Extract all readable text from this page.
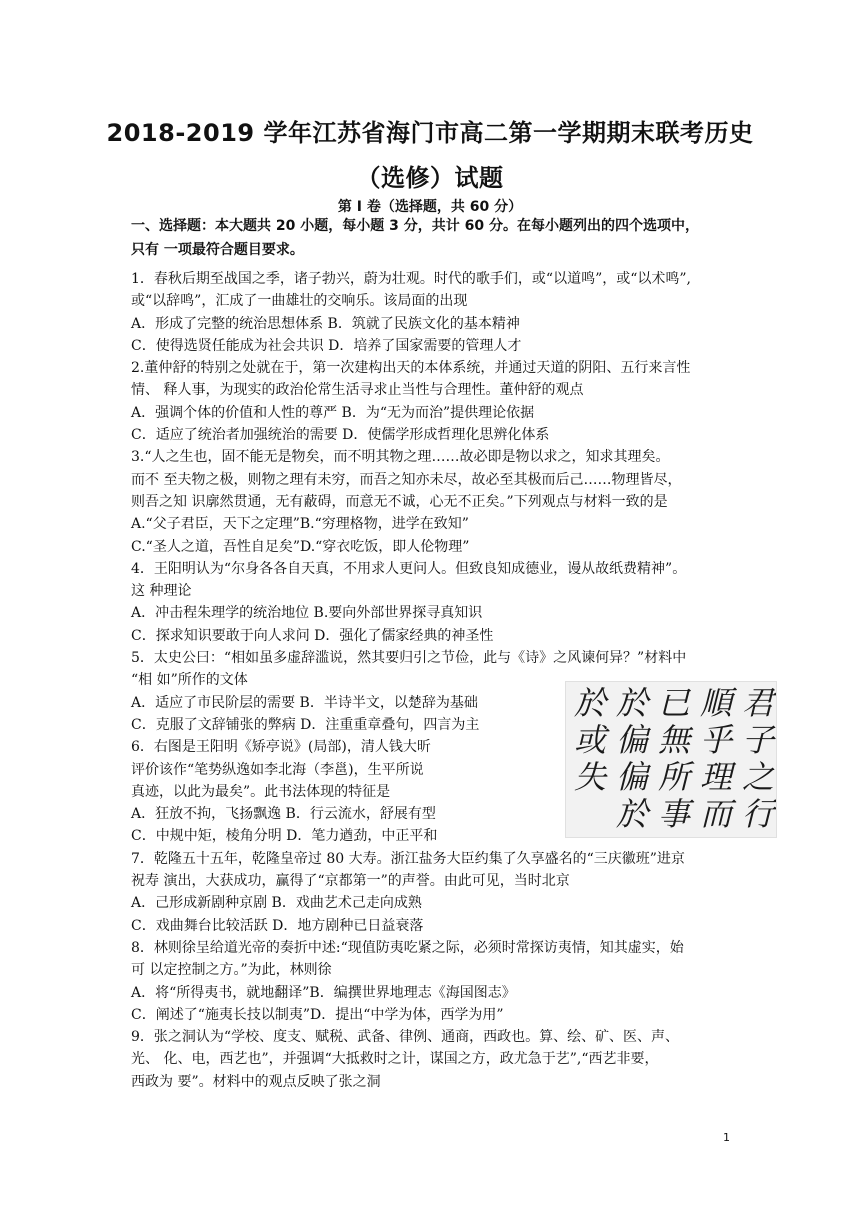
2018-2019 学年江苏省海门市高二第一学期期末联考历史
（选修）试题
第 I 卷（选择题，共 60 分）
一、选择题：本大题共 20 小题，每小题 3 分，共计 60 分。在每小题列出的四个选项中，
只有 一项最符合题目要求。
1．春秋后期至战国之季，诸子勃兴，蔚为壮观。时代的歌手们，或“以道鸣”，或“以术鸣”,
或“以辞鸣”，汇成了一曲雄壮的交响乐。该局面的出现
A．形成了完整的统治思想体系 B．筑就了民族文化的基本精神
C．使得选贤任能成为社会共识 D．培养了国家需要的管理人才
2.董仲舒的特别之处就在于，第一次建构出天的本体系统，并通过天道的阴阳、五行来言性
情、 释人事，为现实的政治伦常生活寻求止当性与合理性。董仲舒的观点
A．强调个体的价值和人性的尊严 B．为“无为而治”提供理论依据
C．适应了统治者加强统治的需要 D．使儒学形成哲理化思辨化体系
3.“人之生也，固不能无是物矣，而不明其物之理……故必即是物以求之，知求其理矣。
而不 至夫物之极，则物之理有未穷，而吾之知亦未尽，故必至其极而后己……物理皆尽，
则吾之知 识廓然贯通，无有蔽碍，而意无不诚，心无不正矣。”下列观点与材料一致的是
A.“父子君臣，天下之定理”B.“穷理格物，进学在致知”
C.“圣人之道，吾性自足矣”D.“穿衣吃饭，即人伦物理”
4．王阳明认为“尔身各各自天真，不用求人更问人。但致良知成德业，谩从故纸费精神”。
这 种理论
A．冲击程朱理学的统治地位 B.要向外部世界探寻真知识
C．探求知识要敢于向人求问 D．强化了儒家经典的神圣性
5．太史公曰：“相如虽多虚辞滥说，然其要归引之节俭，此与《诗》之风谏何异？”材料中
“相 如”所作的文体
A．适应了市民阶层的需要 B．半诗半文，以楚辞为基础
C．克服了文辞铺张的弊病 D．注重重章叠句，四言为主
6．右图是王阳明《矫亭说》(局部)，清人钱大昕
评价该作“笔势纵逸如李北海（李邕)，生平所说
真迹，以此为最矣”。此书法体现的特征是
A．狂放不拘，飞扬飘逸 B．行云流水，舒展有型
C．中规中矩，棱角分明 D．笔力遒劲，中正平和
7．乾隆五十五年，乾隆皇帝过 80 大寿。浙江盐务大臣约集了久享盛名的“三庆徽班”进京
祝寿 演出，大获成功，赢得了“京都第一”的声誉。由此可见，当时北京
A．己形成新剧种京剧 B．戏曲艺术己走向成熟
C．戏曲舞台比较活跃 D．地方剧种已日益衰落
8．林则徐呈给道光帝的奏折中述:“现值防夷吃紧之际，必须时常探访夷情，知其虚实，始
可 以定控制之方。”为此，林则徐
A．将“所得夷书，就地翻译”B．编撰世界地理志《海国图志》
C．阐述了“施夷长技以制夷”D．提出“中学为体，西学为用”
9．张之洞认为“学校、度支、赋税、武备、律例、通商，西政也。算、绘、矿、医、声、
光、 化、电，西艺也”，并强调“大抵救时之计，谋国之方，政尤急于艺”,“西艺非要，
西政为 要”。材料中的观点反映了张之洞
君
子
之
行
順
乎
理
而
已
無
所
事
於
偏
偏
於
於
或
失
1
